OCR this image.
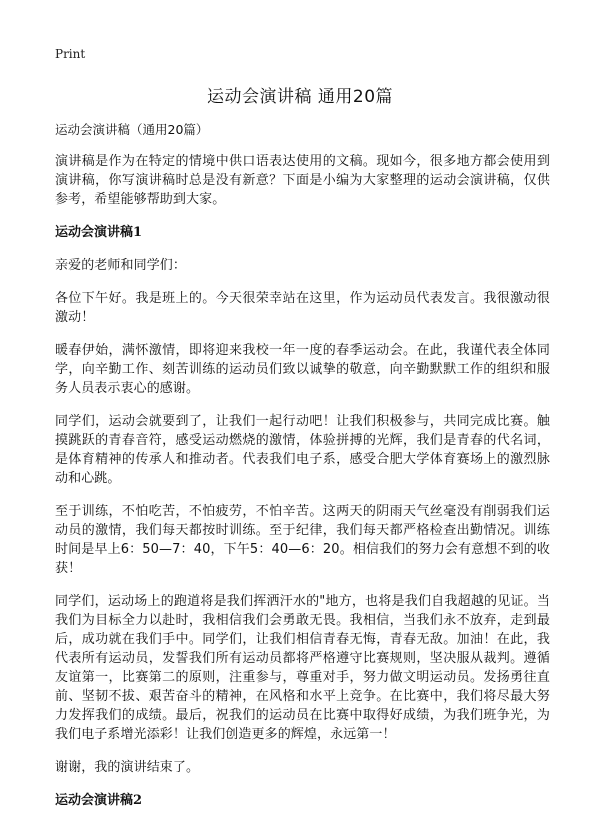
Print
运动会演讲稿 通用20篇

运动会演讲稿（通用20篇）

演讲稿是作为在特定的情境中供口语表达使用的文稿。现如今，很多地方都会使用到演讲稿，你写演讲稿时总是没有新意？下面是小编为大家整理的运动会演讲稿，仅供参考，希望能够帮助到大家。

运动会演讲稿1

亲爱的老师和同学们：

各位下午好。我是班上的。今天很荣幸站在这里，作为运动员代表发言。我很激动很激动！

暖春伊始，满怀激情，即将迎来我校一年一度的春季运动会。在此，我谨代表全体同学，向辛勤工作、刻苦训练的运动员们致以诚挚的敬意，向辛勤默默工作的组织和服务人员表示衷心的感谢。

同学们，运动会就要到了，让我们一起行动吧！让我们积极参与，共同完成比赛。触摸跳跃的青春音符，感受运动燃烧的激情，体验拼搏的光辉，我们是青春的代名词，是体育精神的传承人和推动者。代表我们电子系，感受合肥大学体育赛场上的激烈脉动和心跳。

至于训练，不怕吃苦，不怕疲劳，不怕辛苦。这两天的阴雨天气丝毫没有削弱我们运动员的激情，我们每天都按时训练。至于纪律，我们每天都严格检查出勤情况。训练时间是早上6：50—7：40，下午5：40—6：20。相信我们的努力会有意想不到的收获！

同学们，运动场上的跑道将是我们挥洒汗水的"地方，也将是我们自我超越的见证。当我们为目标全力以赴时，我相信我们会勇敢无畏。我相信，当我们永不放弃，走到最后，成功就在我们手中。同学们，让我们相信青春无悔，青春无敌。加油！在此，我代表所有运动员，发誓我们所有运动员都将严格遵守比赛规则，坚决服从裁判。遵循友谊第一，比赛第二的原则，注重参与，尊重对手，努力做文明运动员。发扬勇往直前、坚韧不拔、艰苦奋斗的精神，在风格和水平上竞争。在比赛中，我们将尽最大努力发挥我们的成绩。最后，祝我们的运动员在比赛中取得好成绩，为我们班争光，为我们电子系增光添彩！让我们创造更多的辉煌，永远第一！

谢谢，我的演讲结束了。

运动会演讲稿2
